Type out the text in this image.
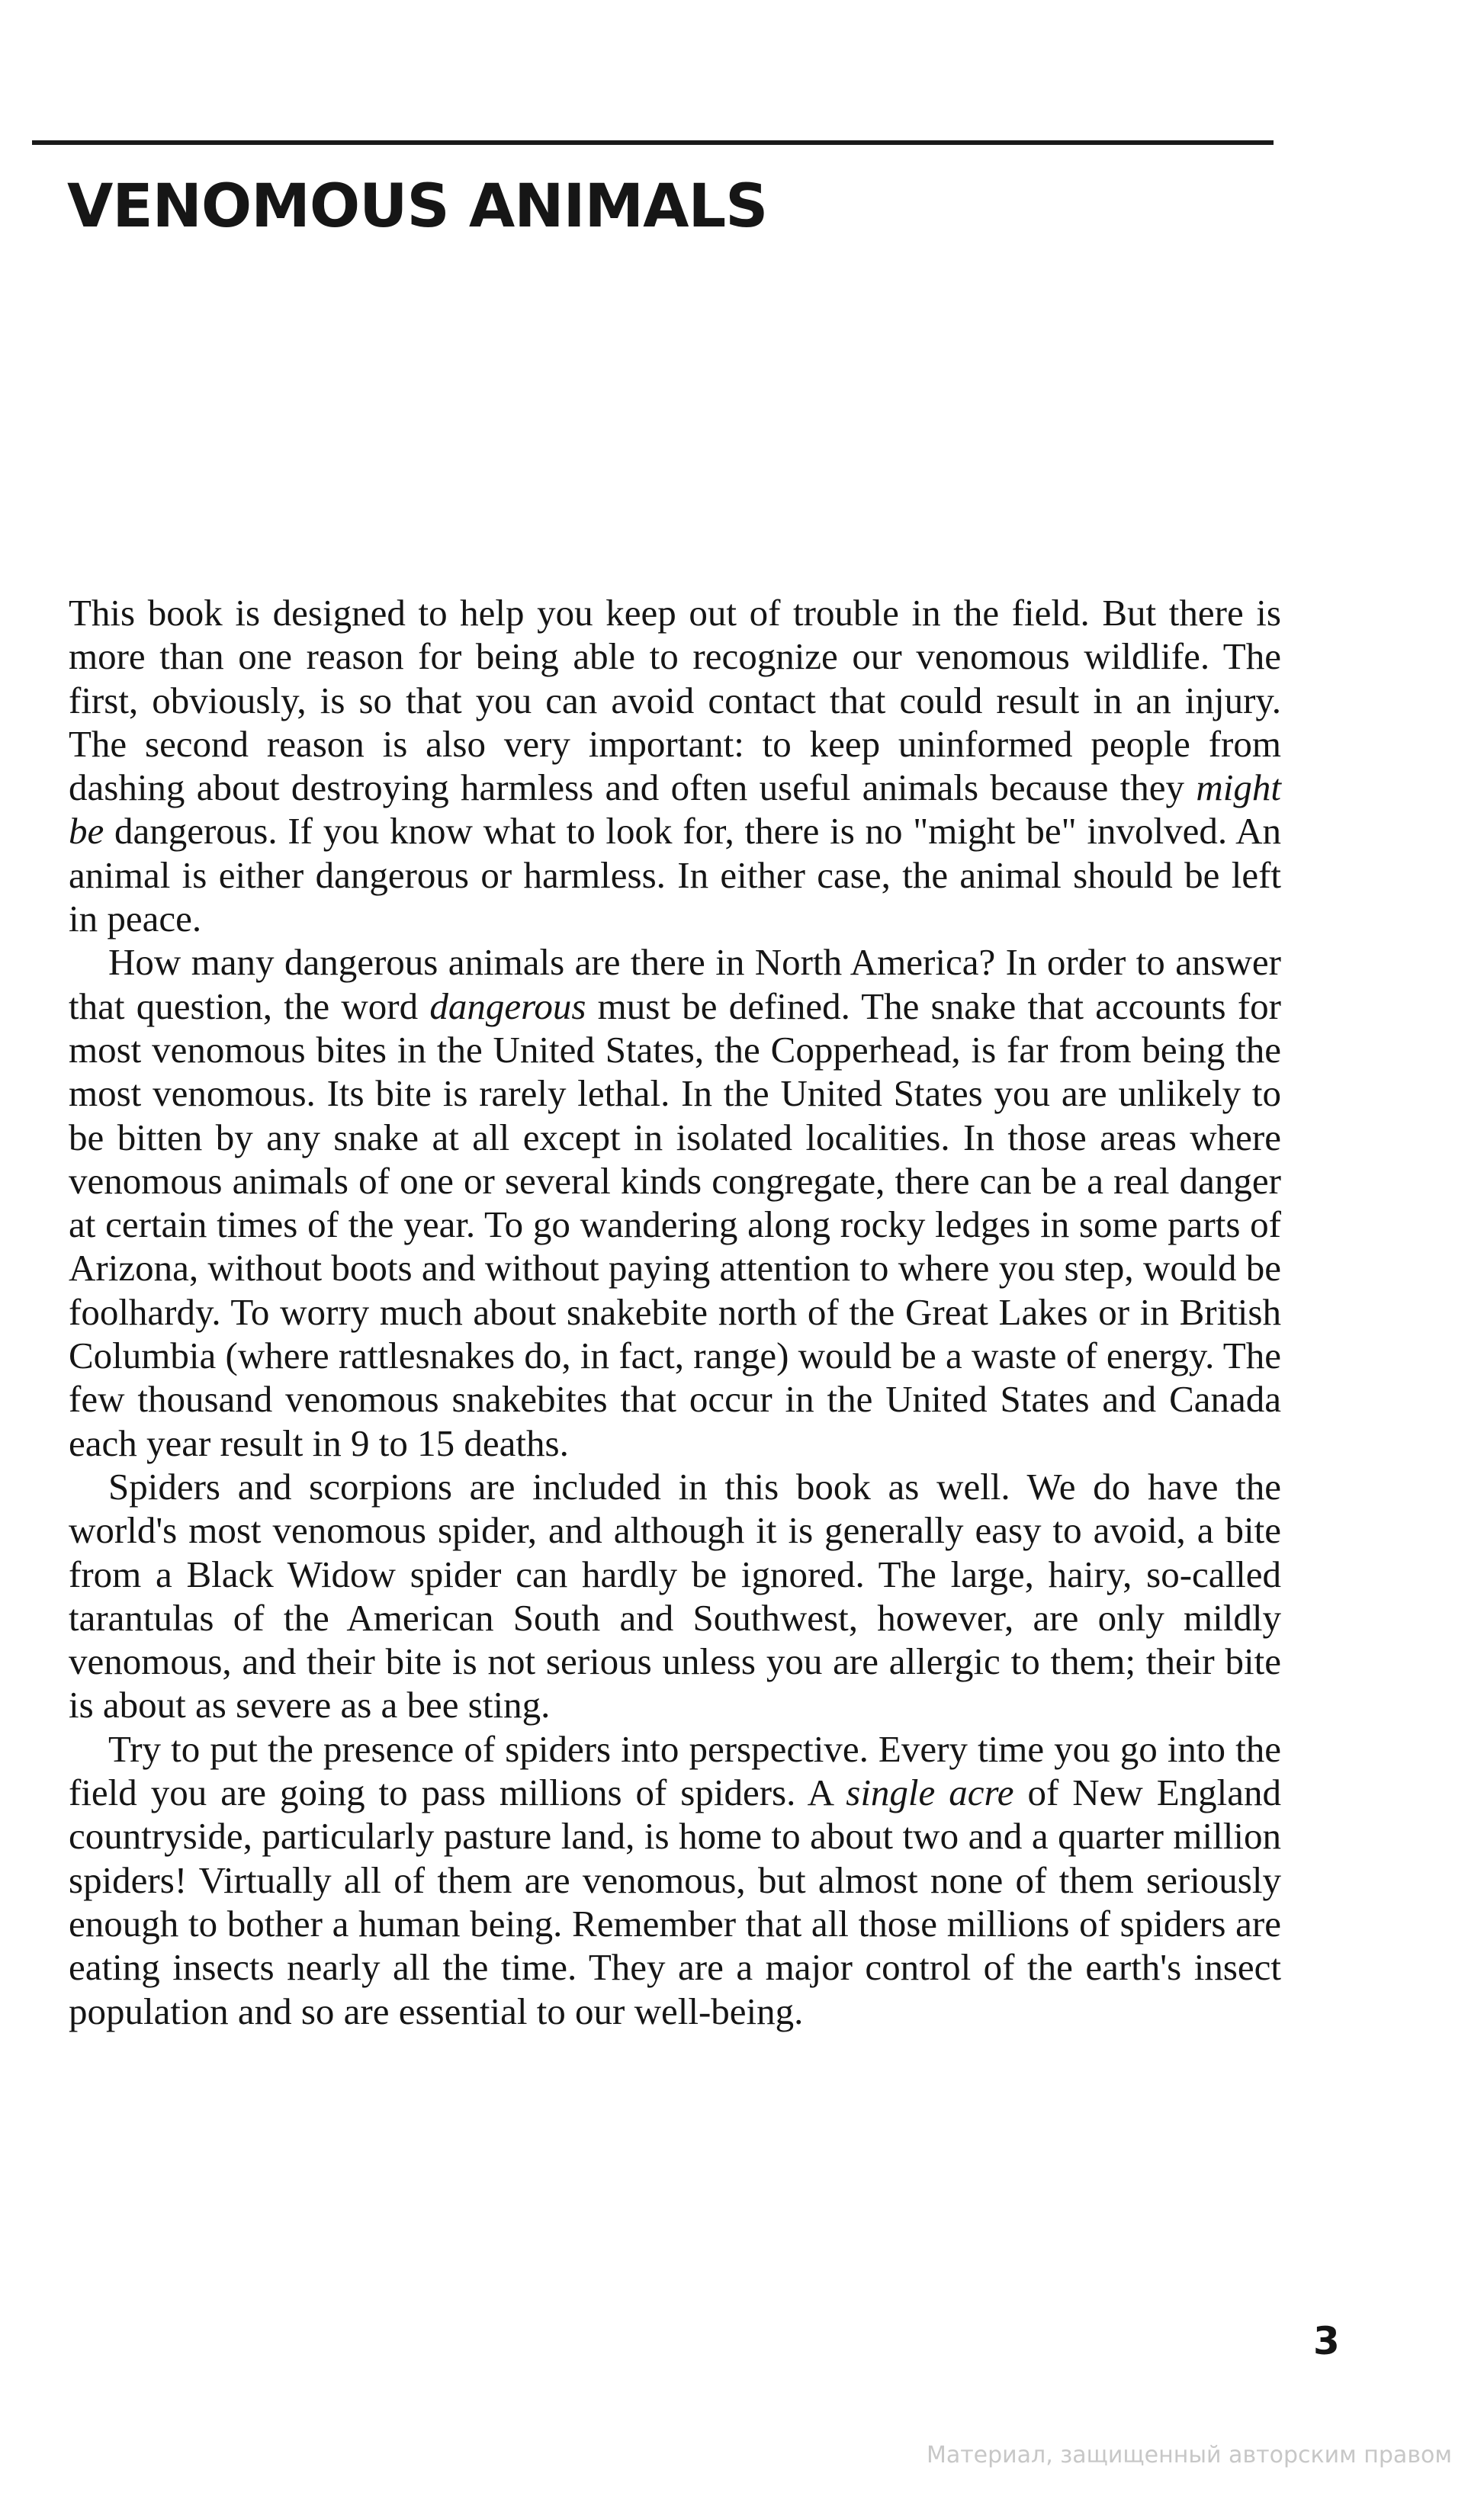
VENOMOUS ANIMALS

This book is designed to help you keep out of trouble in the field. But there is more than one reason for being able to recognize our venomous wildlife. The first, obviously, is so that you can avoid contact that could result in an injury. The second reason is also very important: to keep uninformed people from dashing about destroying harmless and often useful animals because they might be dangerous. If you know what to look for, there is no "might be" involved. An animal is either dangerous or harmless. In either case, the animal should be left in peace.

How many dangerous animals are there in North America? In order to answer that question, the word dangerous must be defined. The snake that accounts for most venomous bites in the United States, the Copperhead, is far from being the most venomous. Its bite is rarely lethal. In the United States you are unlikely to be bitten by any snake at all except in isolated localities. In those areas where venomous animals of one or several kinds congregate, there can be a real danger at certain times of the year. To go wandering along rocky ledges in some parts of Arizona, without boots and without paying attention to where you step, would be foolhardy. To worry much about snakebite north of the Great Lakes or in British Columbia (where rattlesnakes do, in fact, range) would be a waste of energy. The few thousand venomous snakebites that occur in the United States and Canada each year result in 9 to 15 deaths.

Spiders and scorpions are included in this book as well. We do have the world's most venomous spider, and although it is generally easy to avoid, a bite from a Black Widow spider can hardly be ignored. The large, hairy, so-called tarantulas of the American South and Southwest, however, are only mildly venomous, and their bite is not serious unless you are allergic to them; their bite is about as severe as a bee sting.

Try to put the presence of spiders into perspective. Every time you go into the field you are going to pass millions of spiders. A single acre of New England countryside, particularly pasture land, is home to about two and a quarter million spiders! Virtually all of them are venomous, but almost none of them seriously enough to bother a human being. Remember that all those millions of spiders are eating insects nearly all the time. They are a major control of the earth's insect population and so are essential to our well-being.

3
Материал, защищенный авторским правом
